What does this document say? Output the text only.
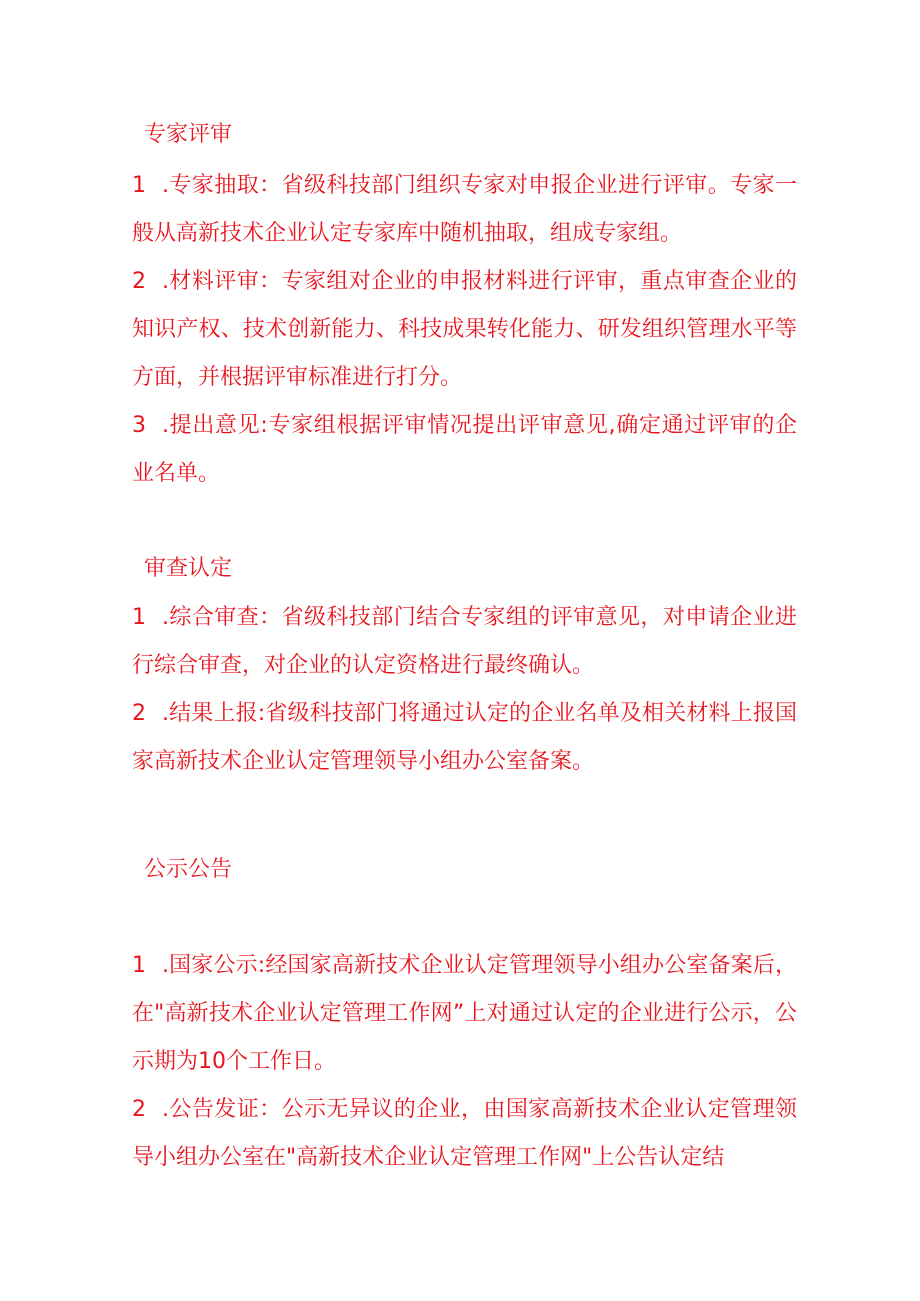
专家评审
1 .专家抽取：省级科技部门组织专家对申报企业进行评审。专家一般从高新技术企业认定专家库中随机抽取，组成专家组。
2 .材料评审：专家组对企业的申报材料进行评审，重点审查企业的知识产权、技术创新能力、科技成果转化能力、研发组织管理水平等方面，并根据评审标准进行打分。
3 .提出意见:专家组根据评审情况提出评审意见,确定通过评审的企业名单。
审查认定
1 .综合审查：省级科技部门结合专家组的评审意见，对申请企业进行综合审查，对企业的认定资格进行最终确认。
2 .结果上报:省级科技部门将通过认定的企业名单及相关材料上报国家高新技术企业认定管理领导小组办公室备案。
公示公告
1 .国家公示:经国家高新技术企业认定管理领导小组办公室备案后，在"高新技术企业认定管理工作网”上对通过认定的企业进行公示，公示期为10个工作日。
2 .公告发证：公示无异议的企业，由国家高新技术企业认定管理领导小组办公室在"高新技术企业认定管理工作网"上公告认定结
